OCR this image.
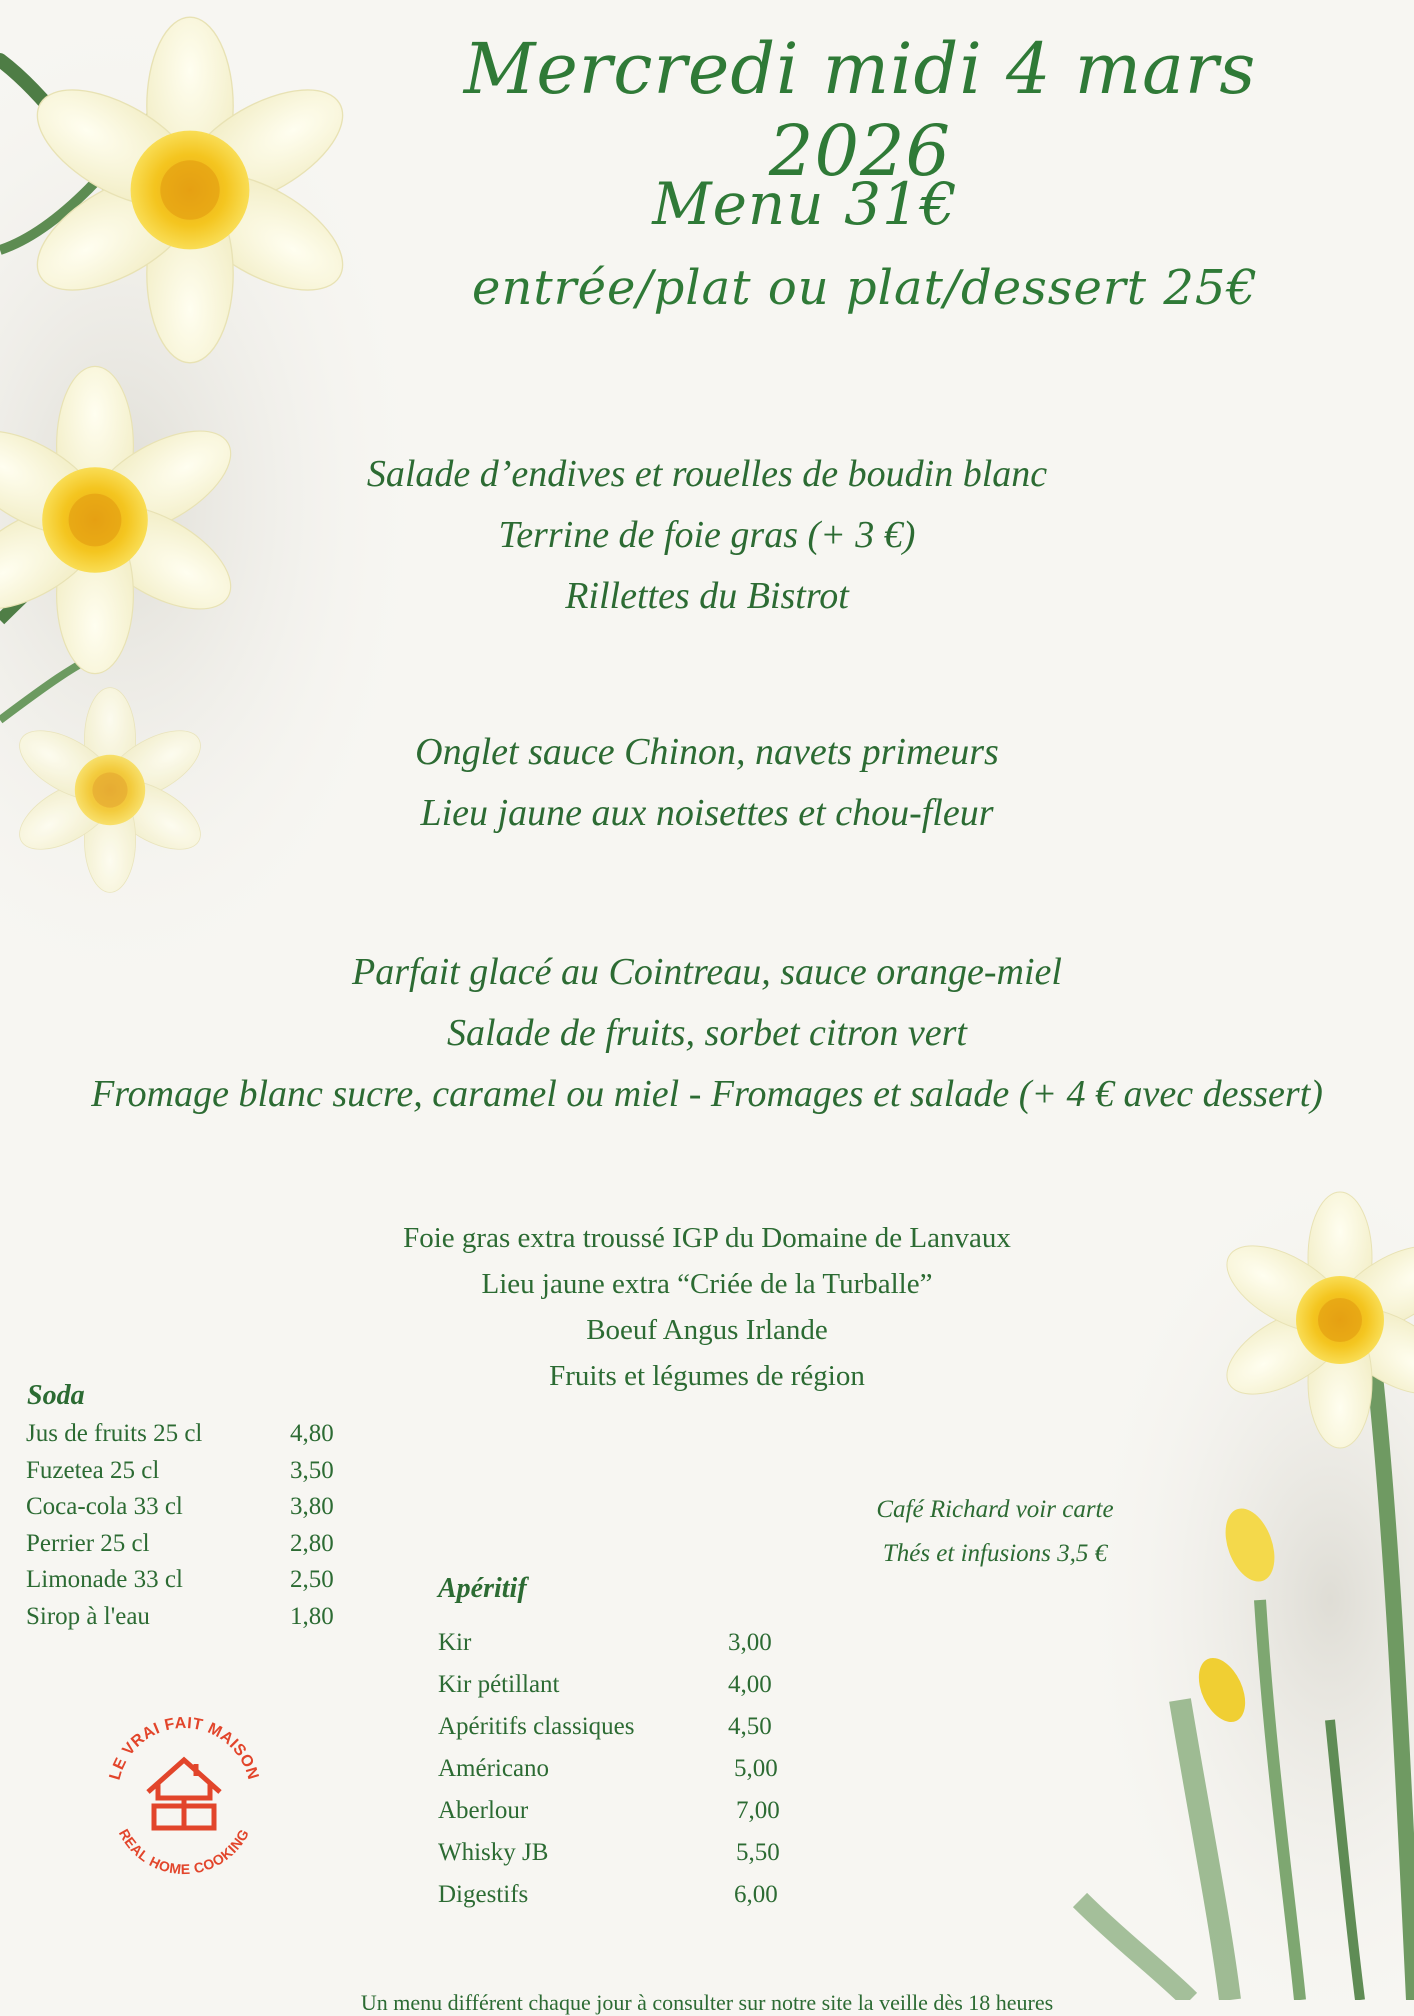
Mercredi midi 4 mars 2026
Menu 31€
entrée/plat ou plat/dessert 25€
Salade d’endives et rouelles de boudin blanc
Terrine de foie gras (+ 3 €)
Rillettes du Bistrot
Onglet sauce Chinon, navets primeurs
Lieu jaune aux noisettes et chou-fleur
Parfait glacé au Cointreau, sauce orange-miel
Salade de fruits, sorbet citron vert
Fromage blanc sucre, caramel ou miel - Fromages et salade (+ 4 € avec dessert)
Foie gras extra troussé IGP du Domaine de Lanvaux
Lieu jaune extra “Criée de la Turballe”
Boeuf Angus Irlande
Fruits et légumes de région
Soda
Jus de fruits 25 cl	4,80
Fuzetea 25 cl	3,50
Coca-cola 33 cl	3,80
Perrier 25 cl	2,80
Limonade 33 cl	2,50
Sirop à l'eau	1,80
Apéritif
Kir	3,00
Kir pétillant	4,00
Apéritifs classiques	4,50
Américano	5,00
Aberlour	7,00
Whisky JB	5,50
Digestifs	6,00
Café Richard voir carte
Thés et infusions 3,5 €
LE VRAI FAIT MAISON
REAL HOME COOKING
Un menu différent chaque jour à consulter sur notre site la veille dès 18 heures
